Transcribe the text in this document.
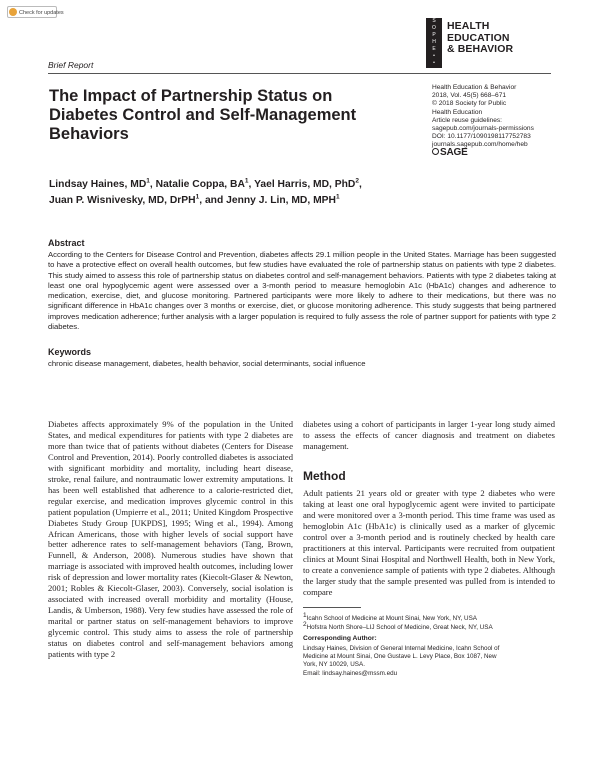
Check for updates
S
O
P
H
E
•
•
HEALTH
EDUCATION
& BEHAVIOR
Brief Report
The Impact of Partnership Status on Diabetes Control and Self-Management Behaviors
Health Education & Behavior
2018, Vol. 45(5) 668–671
© 2018 Society for Public
Health Education
Article reuse guidelines:
sagepub.com/journals-permissions
DOI: 10.1177/1090198117752783
journals.sagepub.com/home/heb
SAGE
Lindsay Haines, $MD^1$, Natalie Coppa, $BA^1$, Yael Harris, MD, PhD$^2$,
Juan P. Wisnivesky, MD, DrPH$^1$, and Jenny J. Lin, MD, MPH$^1$
Abstract
According to the Centers for Disease Control and Prevention, diabetes affects 29.1 million people in the United States. Marriage has been suggested to have a protective effect on overall health outcomes, but few studies have evaluated the role of partnership status on patients with type 2 diabetes. This study aimed to assess this role of partnership status on diabetes control and self-management behaviors. Patients with type 2 diabetes taking at least one oral hypoglycemic agent were assessed over a 3-month period to measure hemoglobin A1c (HbA1c) changes and adherence to medication, exercise, diet, and glucose monitoring. Partnered participants were more likely to adhere to their medications, but there was no significant difference in HbA1c changes over 3 months or exercise, diet, or glucose monitoring adherence. This study suggests that being partnered improves medication adherence; further analysis with a larger population is required to fully assess the role of partner support for patients with type 2 diabetes.
Keywords
chronic disease management, diabetes, health behavior, social determinants, social influence
Diabetes affects approximately 9% of the population in the United States, and medical expenditures for patients with type 2 diabetes are more than twice that of patients without diabetes (Centers for Disease Control and Prevention, 2014). Poorly controlled diabetes is associated with significant morbidity and mortality, including heart disease, stroke, renal failure, and nontraumatic lower extremity amputations. It has been well established that adherence to a calorie-restricted diet, regular exercise, and medication improves glycemic control in this patient population (Umpierre et al., 2011; United Kingdom Prospective Diabetes Study Group [UKPDS], 1995; Wing et al., 1994). Among African Americans, those with higher levels of social support have better adherence rates to self-management behaviors (Tang, Brown, Funnell, & Anderson, 2008). Numerous studies have shown that marriage is associated with improved health outcomes, including lower risk of depression and lower mortality rates (Kiecolt-Glaser & Newton, 2001; Robles & Kiecolt-Glaser, 2003). Conversely, social isolation is associated with increased overall morbidity and mortality (House, Landis, & Umberson, 1988). Very few studies have assessed the role of marital or partner status on self-management behaviors to improve glycemic control. This study aims to assess the role of partnership status on diabetes control and self-management behaviors among patients with type 2
diabetes using a cohort of participants in larger 1-year long study aimed to assess the effects of cancer diagnosis and treatment on diabetes management.
Method
Adult patients 21 years old or greater with type 2 diabetes who were taking at least one oral hypoglycemic agent were invited to participate and were monitored over a 3-month period. This time frame was used as hemoglobin A1c (HbA1c) is clinically used as a marker of glycemic control over a 3-month period and is routinely checked by health care practitioners at this interval. Participants were recruited from outpatient clinics at Mount Sinai Hospital and Northwell Health, both in New York, to create a convenience sample of patients with type 2 diabetes. Although the larger study that the sample presented was pulled from is intended to compare
$^1$Icahn School of Medicine at Mount Sinai, New York, NY, USA
$^2$Hofstra North Shore–LIJ School of Medicine, Great Neck, NY, USA
Corresponding Author:
Lindsay Haines, Division of General Internal Medicine, Icahn School of
Medicine at Mount Sinai, One Gustave L. Levy Place, Box 1087, New
York, NY 10029, USA.
Email: lindsay.haines@mssm.edu
